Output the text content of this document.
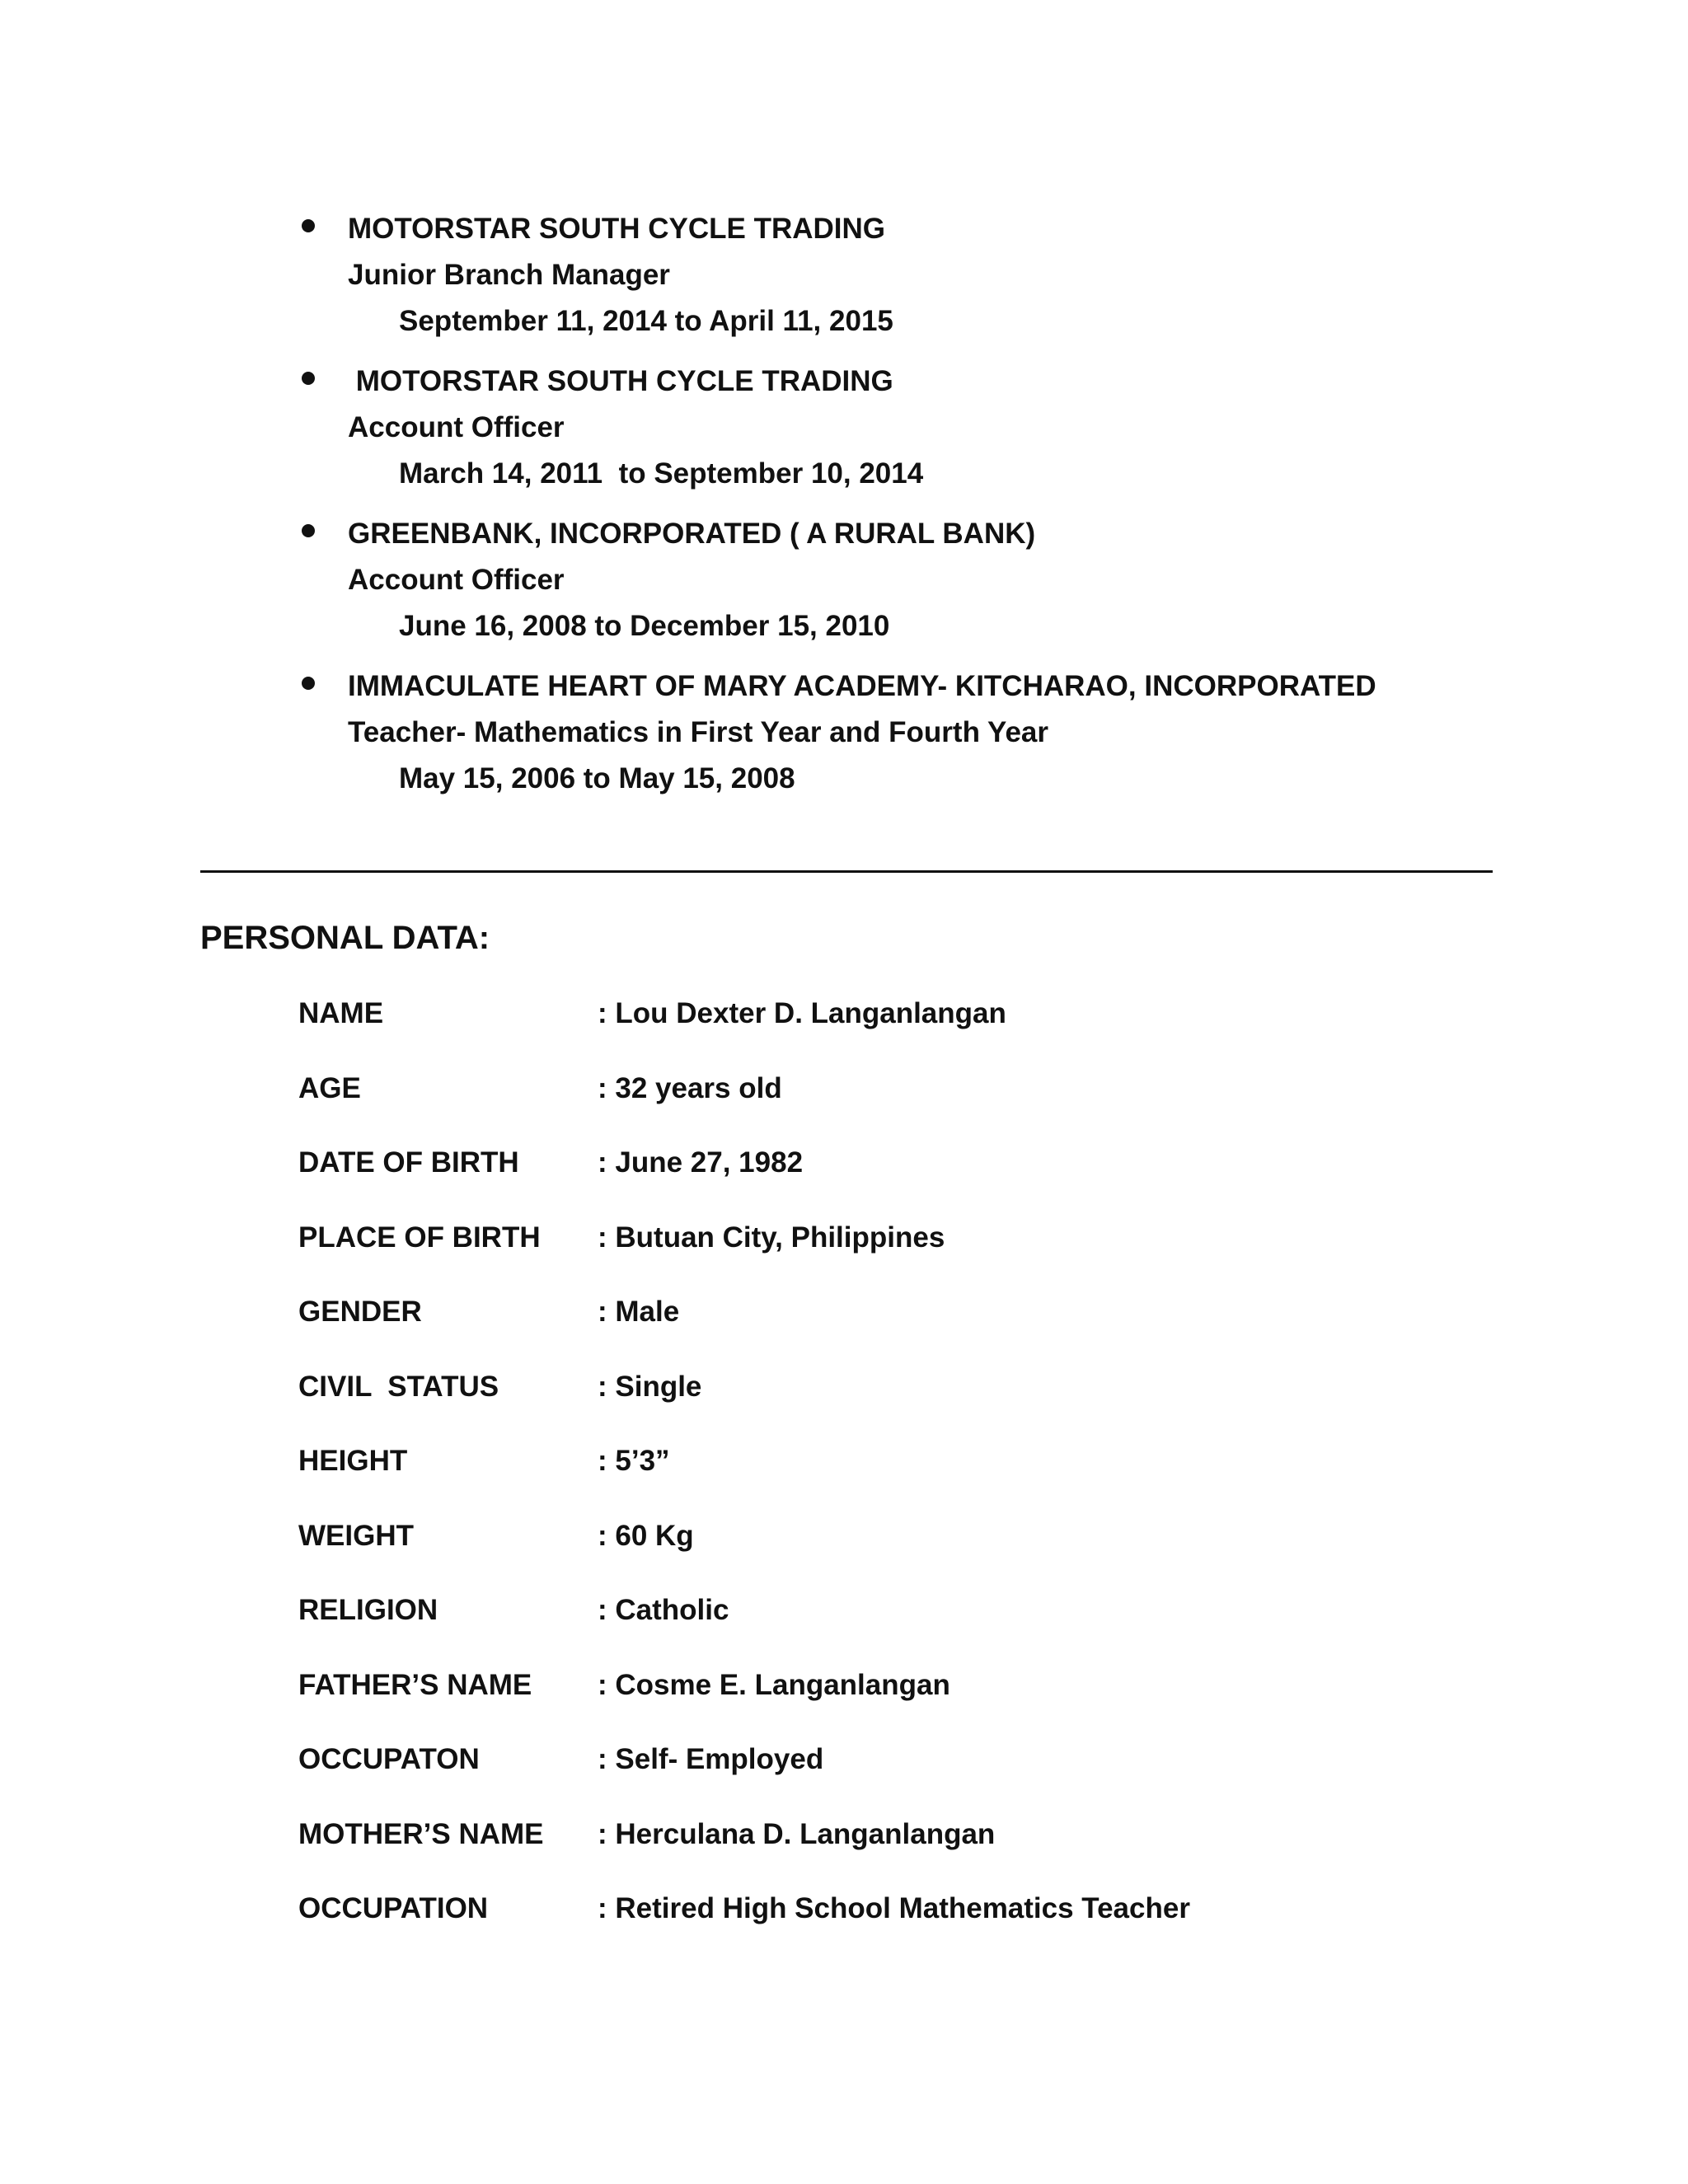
MOTORSTAR SOUTH CYCLE TRADING
Junior Branch Manager
September 11, 2014 to April 11, 2015
MOTORSTAR SOUTH CYCLE TRADING
Account Officer
March 14, 2011  to September 10, 2014
GREENBANK, INCORPORATED ( A RURAL BANK)
Account Officer
June 16, 2008 to December 15, 2010
IMMACULATE HEART OF MARY ACADEMY- KITCHARAO, INCORPORATED
Teacher- Mathematics in First Year and Fourth Year
May 15, 2006 to May 15, 2008
PERSONAL DATA:
NAME	: Lou Dexter D. Langanlangan
AGE	: 32 years old
DATE OF BIRTH	: June 27, 1982
PLACE OF BIRTH : Butuan City, Philippines
GENDER	: Male
CIVIL  STATUS	: Single
HEIGHT	: 5’3”
WEIGHT	: 60 Kg
RELIGION	: Catholic
FATHER’S NAME : Cosme E. Langanlangan
OCCUPATON	: Self- Employed
MOTHER’S NAME : Herculana D. Langanlangan
OCCUPATION	: Retired High School Mathematics Teacher
